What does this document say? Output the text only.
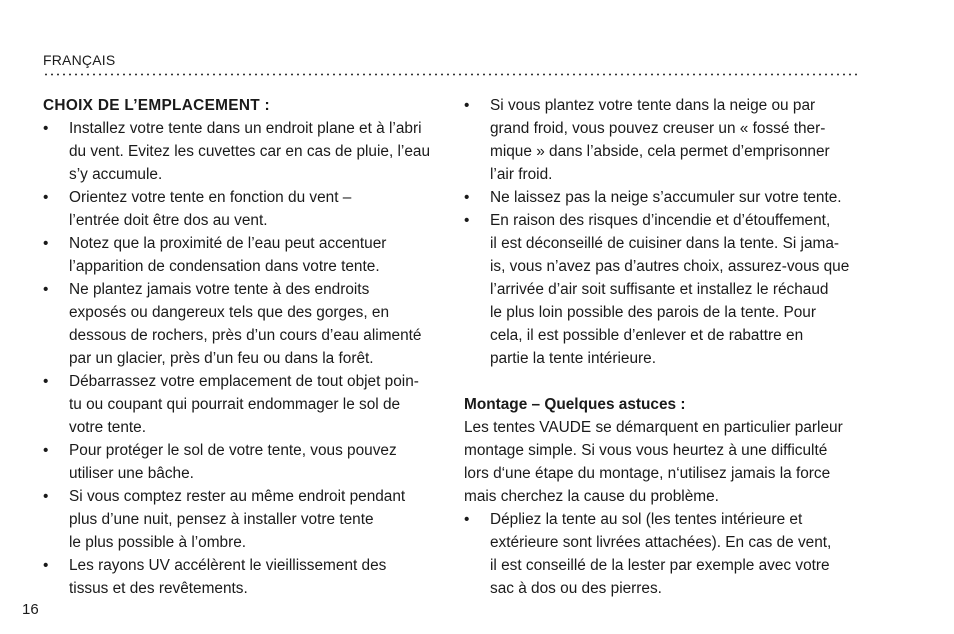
FRANÇAIS

CHOIX DE L’EMPLACEMENT :

• Installez votre tente dans un endroit plane et à l’abri
du vent. Evitez les cuvettes car en cas de pluie, l’eau
s’y accumule.
• Orientez votre tente en fonction du vent –
l’entrée doit être dos au vent.
• Notez que la proximité de l’eau peut accentuer
l’apparition de condensation dans votre tente.
• Ne plantez jamais votre tente à des endroits
exposés ou dangereux tels que des gorges, en
dessous de rochers, près d’un cours d’eau alimenté
par un glacier, près d’un feu ou dans la forêt.
• Débarrassez votre emplacement de tout objet poin-
tu ou coupant qui pourrait endommager le sol de
votre tente.
• Pour protéger le sol de votre tente, vous pouvez
utiliser une bâche.
• Si vous comptez rester au même endroit pendant
plus d’une nuit, pensez à installer votre tente
le plus possible à l’ombre.
• Les rayons UV accélèrent le vieillissement des
tissus et des revêtements.
• Si vous plantez votre tente dans la neige ou par
grand froid, vous pouvez creuser un « fossé ther-
mique » dans l’abside, cela permet d’emprisonner
l’air froid.
• Ne laissez pas la neige s’accumuler sur votre tente.
• En raison des risques d’incendie et d’étouffement,
il est déconseillé de cuisiner dans la tente. Si jama-
is, vous n’avez pas d’autres choix, assurez-vous que
l’arrivée d’air soit suffisante et installez le réchaud
le plus loin possible des parois de la tente. Pour
cela, il est possible d’enlever et de rabattre en
partie la tente intérieure.

Montage – Quelques astuces :

Les tentes VAUDE se démarquent en particulier parleur
montage simple. Si vous vous heurtez à une difficulté
lors d‘une étape du montage, n‘utilisez jamais la force
mais cherchez la cause du problème.

• Dépliez la tente au sol (les tentes intérieure et
extérieure sont livrées attachées). En cas de vent,
il est conseillé de la lester par exemple avec votre
sac à dos ou des pierres.
16
